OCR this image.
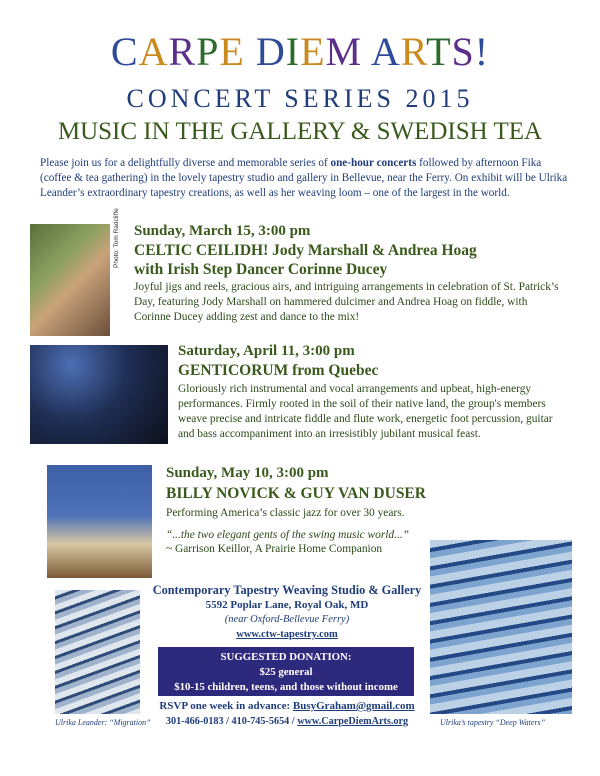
CARPE DIEM ARTS!
CONCERT SERIES 2015
MUSIC IN THE GALLERY & SWEDISH TEA
Please join us for a delightfully diverse and memorable series of one-hour concerts followed by afternoon Fika (coffee & tea gathering) in the lovely tapestry studio and gallery in Bellevue, near the Ferry. On exhibit will be Ulrika Leander’s extraordinary tapestry creations, as well as her weaving loom – one of the largest in the world.
Photo: Tom Radcliffe Sunday, March 15, 3:00 pm
CELTIC CEILIDH! Jody Marshall & Andrea Hoag
with Irish Step Dancer Corinne Ducey
Joyful jigs and reels, gracious airs, and intriguing arrangements in celebration of St. Patrick’s Day, featuring Jody Marshall on hammered dulcimer and Andrea Hoag on fiddle, with Corinne Ducey adding zest and dance to the mix!
Saturday, April 11, 3:00 pm
GENTICORUM from Quebec
Gloriously rich instrumental and vocal arrangements and upbeat, high-energy performances. Firmly rooted in the soil of their native land, the group's members weave precise and intricate fiddle and flute work, energetic foot percussion, guitar and bass accompaniment into an irresistibly jubilant musical feast.
Sunday, May 10, 3:00 pm
BILLY NOVICK & GUY VAN DUSER
Performing America’s classic jazz for over 30 years.
“...the two elegant gents of the swing music world...”
~ Garrison Keillor, A Prairie Home Companion
Ulrika Leander: “Migration”	Ulrika’s tapestry “Deep Waters”
Contemporary Tapestry Weaving Studio & Gallery
5592 Poplar Lane, Royal Oak, MD
(near Oxford-Bellevue Ferry)
www.ctw-tapestry.com
SUGGESTED DONATION:
$25 general
$10-15 children, teens, and those without income
RSVP one week in advance: BusyGraham@gmail.com
301-466-0183 / 410-745-5654 / www.CarpeDiemArts.org
